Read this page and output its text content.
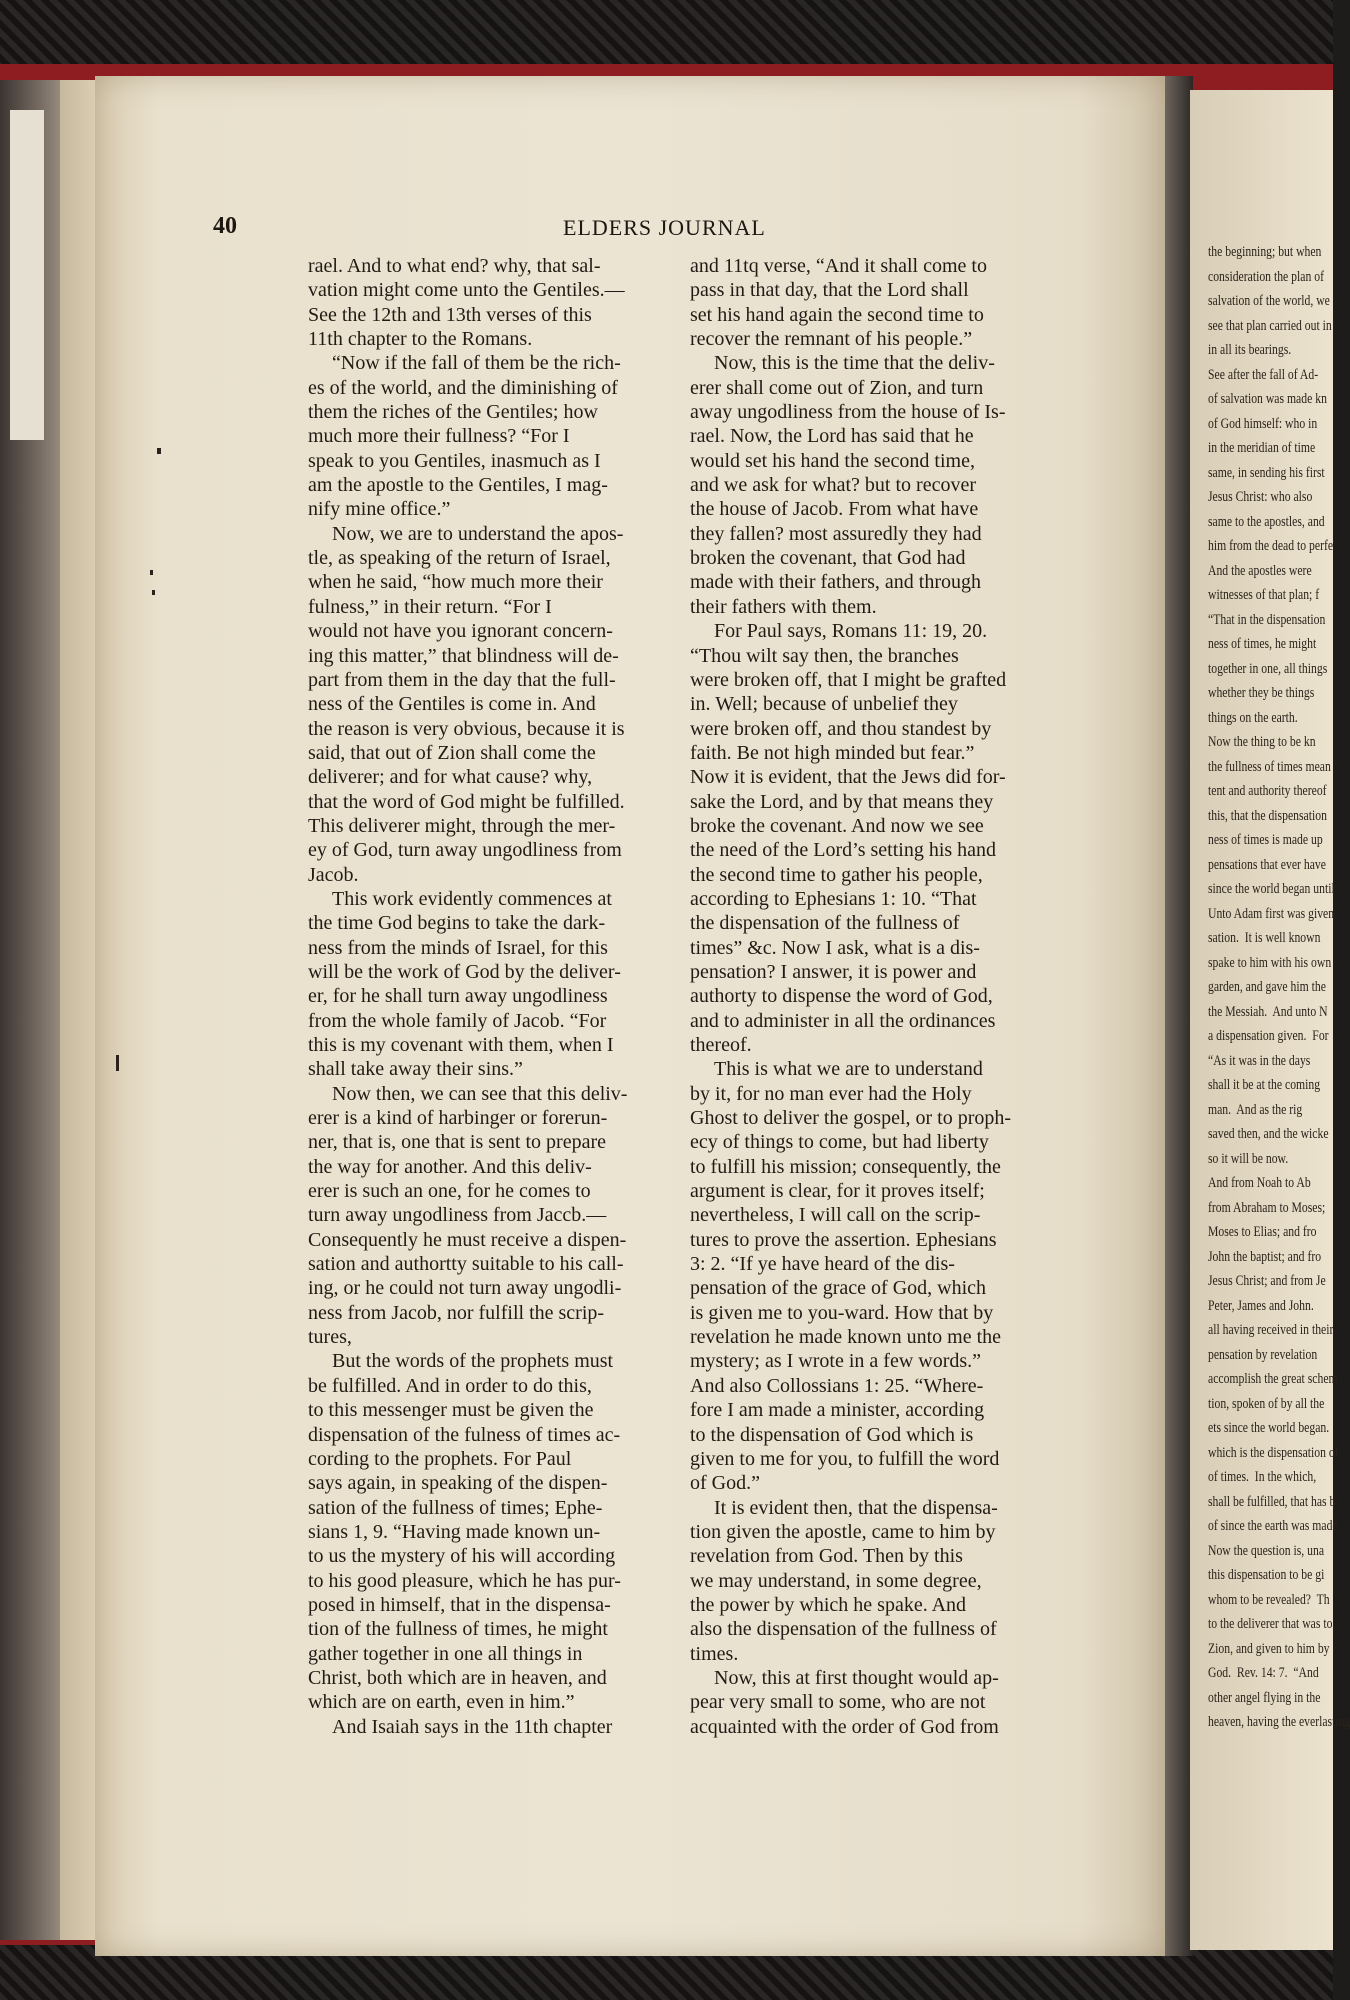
the beginning; but when
consideration the plan of
salvation of the world, we
see that plan carried out in
in all its bearings.
See after the fall of Ad-
of salvation was made kn
of God himself: who in
in the meridian of time
same, in sending his first
Jesus Christ: who also
same to the apostles, and
him from the dead to perfe
And the apostles were
witnesses of that plan; f
“That in the dispensation
ness of times, he might
together in one, all things
whether they be things
things on the earth.
Now the thing to be kn
the fullness of times mean
tent and authority thereof
this, that the dispensation
ness of times is made up
pensations that ever have
since the world began until
Unto Adam first was given
sation.  It is well known
spake to him with his own
garden, and gave him the
the Messiah.  And unto N
a dispensation given.  For
“As it was in the days
shall it be at the coming
man.  And as the rig
saved then, and the wicke
so it will be now.
And from Noah to Ab
from Abraham to Moses;
Moses to Elias; and fro
John the baptist; and fro
Jesus Christ; and from Je
Peter, James and John.
all having received in their
pensation by revelation
accomplish the great schem
tion, spoken of by all the
ets since the world began.
which is the dispensation of
of times.  In the which,
shall be fulfilled, that has b
of since the earth was made
Now the question is, una
this dispensation to be gi
whom to be revealed?  Th
to the deliverer that was to
Zion, and given to him by
God.  Rev. 14: 7.  “And
other angel flying in the
heaven, having the everlasting
40	ELDERS JOURNAL
rael. And to what end? why, that sal-
vation might come unto the Gentiles.—
See the 12th and 13th verses of this
11th chapter to the Romans.
“Now if the fall of them be the rich-
es of the world, and the diminishing of
them the riches of the Gentiles; how
much more their fullness? “For I
speak to you Gentiles, inasmuch as I
am the apostle to the Gentiles, I mag-
nify mine office.”
Now, we are to understand the apos-
tle, as speaking of the return of Israel,
when he said, “how much more their
fulness,” in their return. “For I
would not have you ignorant concern-
ing this matter,” that blindness will de-
part from them in the day that the full-
ness of the Gentiles is come in. And
the reason is very obvious, because it is
said, that out of Zion shall come the
deliverer; and for what cause? why,
that the word of God might be fulfilled.
This deliverer might, through the mer-
ey of God, turn away ungodliness from
Jacob.
This work evidently commences at
the time God begins to take the dark-
ness from the minds of Israel, for this
will be the work of God by the deliver-
er, for he shall turn away ungodliness
from the whole family of Jacob. “For
this is my covenant with them, when I
shall take away their sins.”
Now then, we can see that this deliv-
erer is a kind of harbinger or forerun-
ner, that is, one that is sent to prepare
the way for another. And this deliv-
erer is such an one, for he comes to
turn away ungodliness from Jaccb.—
Consequently he must receive a dispen-
sation and authortty suitable to his call-
ing, or he could not turn away ungodli-
ness from Jacob, nor fulfill the scrip-
tures,
But the words of the prophets must
be fulfilled. And in order to do this,
to this messenger must be given the
dispensation of the fulness of times ac-
cording to the prophets. For Paul
says again, in speaking of the dispen-
sation of the fullness of times; Ephe-
sians 1, 9. “Having made known un-
to us the mystery of his will according
to his good pleasure, which he has pur-
posed in himself, that in the dispensa-
tion of the fullness of times, he might
gather together in one all things in
Christ, both which are in heaven, and
which are on earth, even in him.”
And Isaiah says in the 11th chapter
and 11tq verse, “And it shall come to
pass in that day, that the Lord shall
set his hand again the second time to
recover the remnant of his people.”
Now, this is the time that the deliv-
erer shall come out of Zion, and turn
away ungodliness from the house of Is-
rael. Now, the Lord has said that he
would set his hand the second time,
and we ask for what? but to recover
the house of Jacob. From what have
they fallen? most assuredly they had
broken the covenant, that God had
made with their fathers, and through
their fathers with them.
For Paul says, Romans 11: 19, 20.
“Thou wilt say then, the branches
were broken off, that I might be grafted
in. Well; because of unbelief they
were broken off, and thou standest by
faith. Be not high minded but fear.”
Now it is evident, that the Jews did for-
sake the Lord, and by that means they
broke the covenant. And now we see
the need of the Lord’s setting his hand
the second time to gather his people,
according to Ephesians 1: 10. “That
the dispensation of the fullness of
times” &c. Now I ask, what is a dis-
pensation? I answer, it is power and
authorty to dispense the word of God,
and to administer in all the ordinances
thereof.
This is what we are to understand
by it, for no man ever had the Holy
Ghost to deliver the gospel, or to proph-
ecy of things to come, but had liberty
to fulfill his mission; consequently, the
argument is clear, for it proves itself;
nevertheless, I will call on the scrip-
tures to prove the assertion. Ephesians
3: 2. “If ye have heard of the dis-
pensation of the grace of God, which
is given me to you-ward. How that by
revelation he made known unto me the
mystery; as I wrote in a few words.”
And also Collossians 1: 25. “Where-
fore I am made a minister, according
to the dispensation of God which is
given to me for you, to fulfill the word
of God.”
It is evident then, that the dispensa-
tion given the apostle, came to him by
revelation from God. Then by this
we may understand, in some degree,
the power by which he spake. And
also the dispensation of the fullness of
times.
Now, this at first thought would ap-
pear very small to some, who are not
acquainted with the order of God from
